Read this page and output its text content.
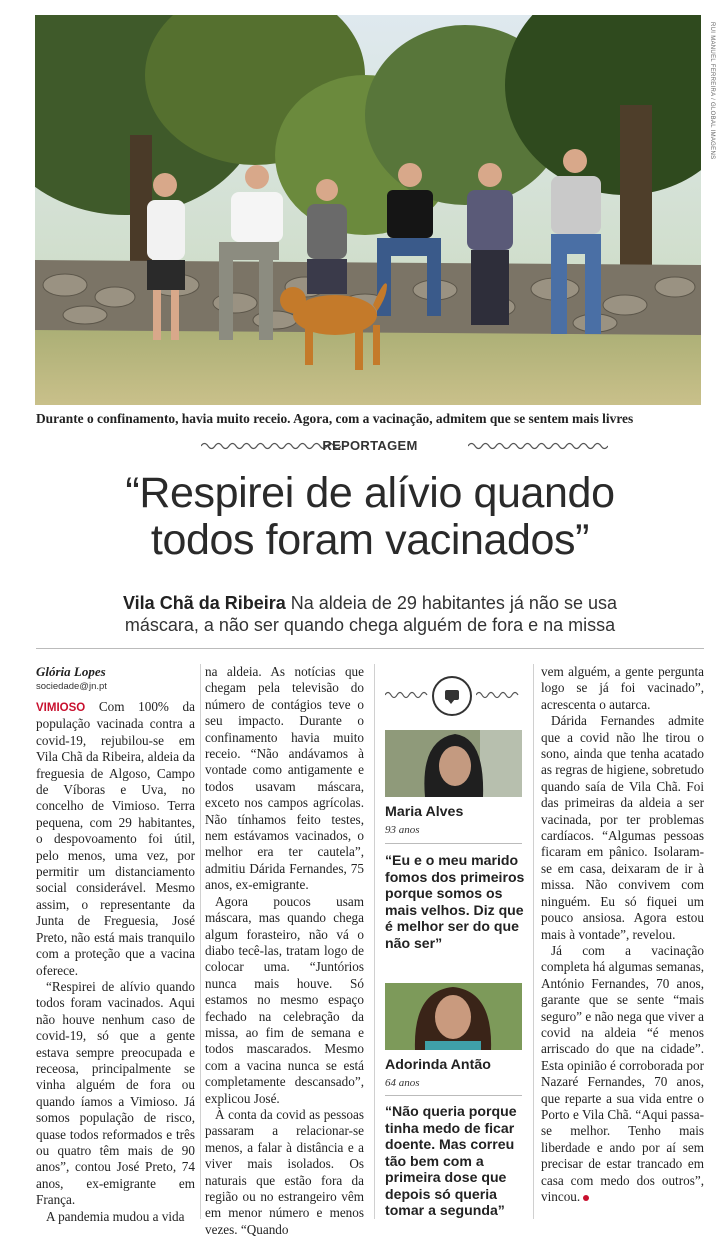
RUI MANUEL FERREIRA / GLOBAL IMAGENS
Durante o confinamento, havia muito receio. Agora, com a vacinação, admitem que se sentem mais livres
REPORTAGEM
“Respirei de alívio quando
todos foram vacinados”
Vila Chã da Ribeira Na aldeia de 29 habitantes já não se usa
máscara, a não ser quando chega alguém de fora e na missa
Glória Lopes
sociedade@jn.pt

VIMIOSO Com 100% da população vacinada contra a covid-19, rejubilou-se em Vila Chã da Ribeira, aldeia da freguesia de Algoso, Campo de Víboras e Uva, no concelho de Vimioso. Terra pequena, com 29 habitantes, o despovoamento foi útil, pelo menos, uma vez, por permitir um distanciamento social considerável. Mesmo assim, o representante da Junta de Freguesia, José Preto, não está mais tranquilo com a proteção que a vacina oferece.

“Respirei de alívio quando todos foram vacinados. Aqui não houve nenhum caso de covid-19, só que a gente estava sempre preocupada e receosa, principalmente se vinha alguém de fora ou quando íamos a Vimioso. Já somos população de risco, quase todos reformados e três ou quatro têm mais de 90 anos”, contou José Preto, 74 anos, ex-emigrante em França.

A pandemia mudou a vida

na aldeia. As notícias que chegam pela televisão do número de contágios teve o seu impacto. Durante o confinamento havia muito receio. “Não andávamos à vontade como antigamente e todos usavam máscara, exceto nos campos agrícolas. Não tínhamos feito testes, nem estávamos vacinados, o melhor era ter cautela”, admitiu Dárida Fernandes, 75 anos, ex-emigrante.

Agora poucos usam máscara, mas quando chega algum forasteiro, não vá o diabo tecê-las, tratam logo de colocar uma. “Juntórios nunca mais houve. Só estamos no mesmo espaço fechado na celebração da missa, ao fim de semana e todos mascarados. Mesmo com a vacina nunca se está completamente descansado”, explicou José.

À conta da covid as pessoas passaram a relacionar-se menos, a falar à distância e a viver mais isolados. Os naturais que estão fora da região ou no estrangeiro vêm em menor número e menos vezes. “Quando

Maria Alves
93 anos
“Eu e o meu marido fomos dos primeiros porque somos os mais velhos. Diz que é melhor ser do que não ser”
Adorinda Antão
64 anos
“Não queria porque tinha medo de ficar doente. Mas correu tão bem com a primeira dose que depois só queria tomar a segunda”

vem alguém, a gente pergunta logo se já foi vacinado”, acrescenta o autarca.

Dárida Fernandes admite que a covid não lhe tirou o sono, ainda que tenha acatado as regras de higiene, sobretudo quando saía de Vila Chã. Foi das primeiras da aldeia a ser vacinada, por ter problemas cardíacos. “Algumas pessoas ficaram em pânico. Isolaram-se em casa, deixaram de ir à missa. Não convivem com ninguém. Eu só fiquei um pouco ansiosa. Agora estou mais à vontade”, revelou.

Já com a vacinação completa há algumas semanas, António Fernandes, 70 anos, garante que se sente “mais seguro” e não nega que viver a covid na aldeia “é menos arriscado do que na cidade”. Esta opinião é corroborada por Nazaré Fernandes, 70 anos, que reparte a sua vida entre o Porto e Vila Chã. “Aqui passa-se melhor. Tenho mais liberdade e ando por aí sem precisar de estar trancado em casa com medo dos outros”, vincou.
